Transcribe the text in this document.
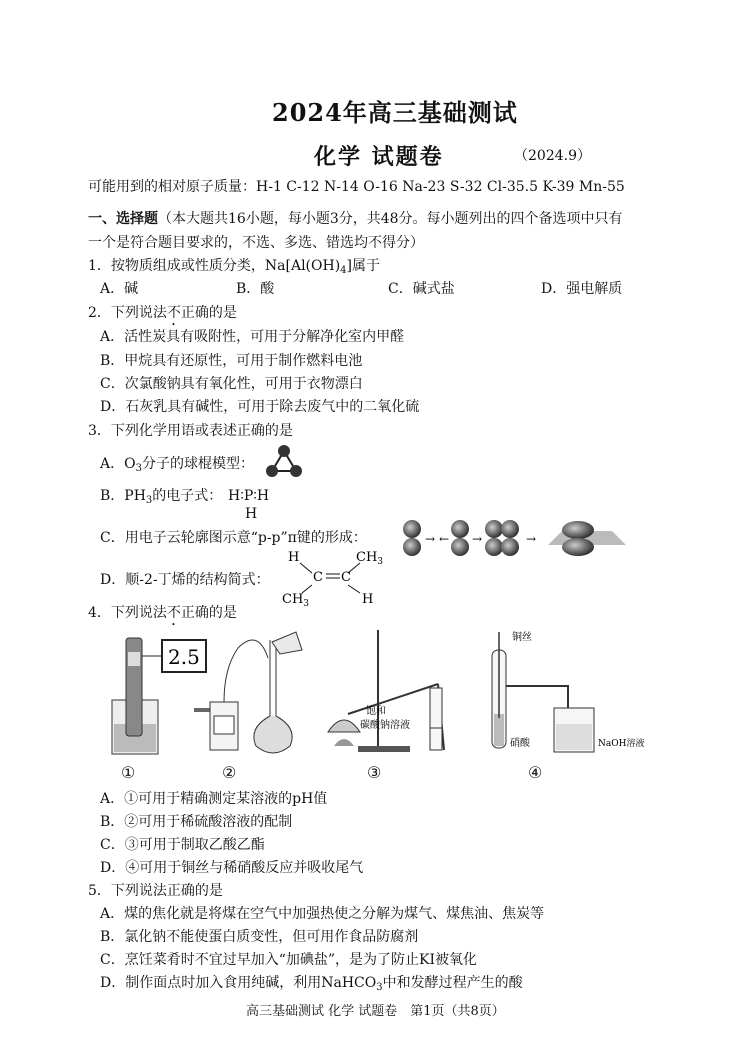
2024年高三基础测试
化学 试题卷	（2024.9）
可能用到的相对原子质量：H-1 C-12 N-14 O-16 Na-23 S-32 Cl-35.5 K-39 Mn-55
一、选择题（本大题共16小题，每小题3分，共48分。每小题列出的四个备选项中只有
一个是符合题目要求的，不选、多选、错选均不得分）
1．按物质组成或性质分类，$Na[Al(OH)_4]$属于
A．碱	B．酸	C．碱式盐	D．强电解质
2．下列说法不正确的是
A．活性炭具有吸附性，可用于分解净化室内甲醛
B．甲烷具有还原性，可用于制作燃料电池
C．次氯酸钠具有氧化性，可用于衣物漂白
D．石灰乳具有碱性，可用于除去废气中的二氧化硫
3．下列化学用语或表述正确的是
A．$O_3$分子的球棍模型：
B．$PH_3$的电子式： H∶P∶H
H
C．用电子云轮廓图示意“p-p”π键的形成：	→ ← →	→
D．顺-2-丁烯的结构简式：
H	$CH_3$
C C
$CH_3$	H
4．下列说法不正确的是
2.5
饱和
碳酸钠溶液
铜丝
硝酸	NaOH溶液
①	②	③	④
A．①可用于精确测定某溶液的pH值
B．②可用于稀硫酸溶液的配制
C．③可用于制取乙酸乙酯
D．④可用于铜丝与稀硝酸反应并吸收尾气
5．下列说法正确的是
A．煤的焦化就是将煤在空气中加强热使之分解为煤气、煤焦油、焦炭等
B．氯化钠不能使蛋白质变性，但可用作食品防腐剂
C．烹饪菜肴时不宜过早加入“加碘盐”，是为了防止KI被氧化
D．制作面点时加入食用纯碱，利用NaHCO$_3$中和发酵过程产生的酸
高三基础测试 化学 试题卷　第1页（共8页）
